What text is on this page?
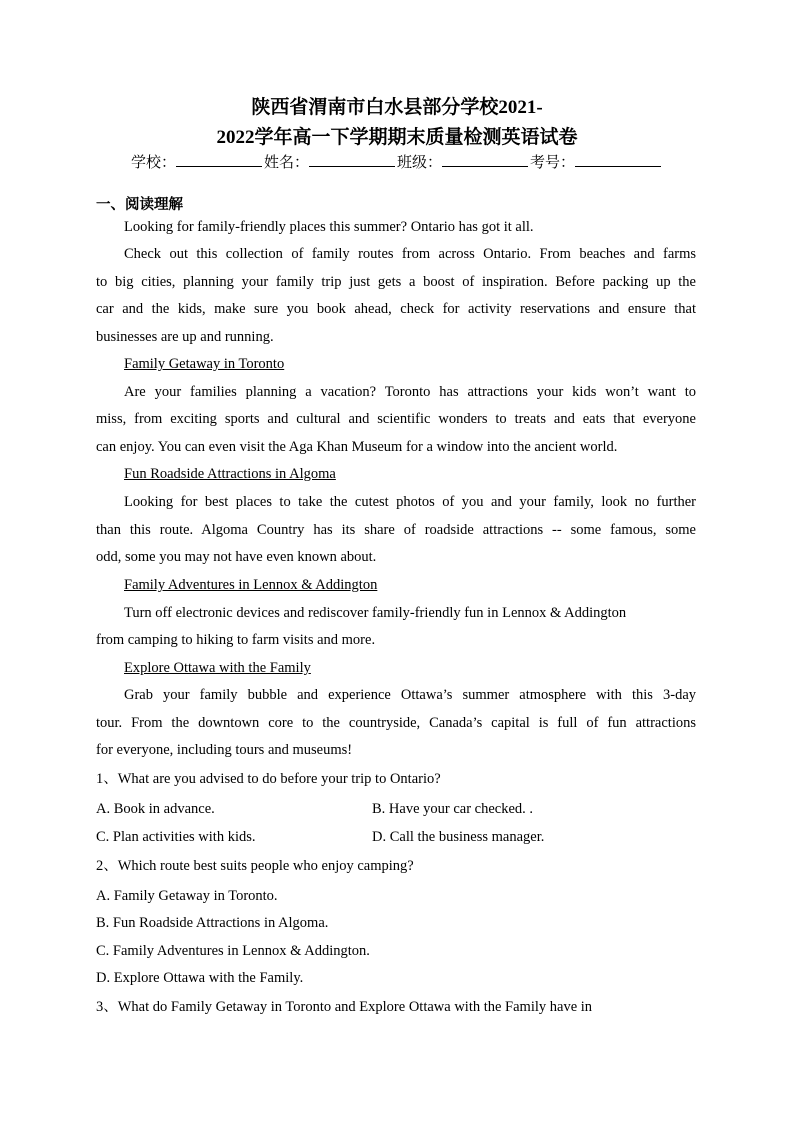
陕西省渭南市白水县部分学校2021-
2022学年高一下学期期末质量检测英语试卷
学校：	姓名：	班级：	考号：
一、阅读理解
Looking for family-friendly places this summer? Ontario has got it all.
Check out this collection of family routes from across Ontario. From beaches and farms
to big cities, planning your family trip just gets a boost of inspiration. Before packing up the
car and the kids, make sure you book ahead, check for activity reservations and ensure that
businesses are up and running.
Family Getaway in Toronto
Are your families planning a vacation? Toronto has attractions your kids won’t want to
miss, from exciting sports and cultural and scientific wonders to treats and eats that everyone
can enjoy. You can even visit the Aga Khan Museum for a window into the ancient world.
Fun Roadside Attractions in Algoma
Looking for best places to take the cutest photos of you and your family, look no further
than this route. Algoma Country has its share of roadside attractions -- some famous, some
odd, some you may not have even known about.
Family Adventures in Lennox & Addington
Turn off electronic devices and rediscover family-friendly fun in Lennox & Addington
from camping to hiking to farm visits and more.
Explore Ottawa with the Family
Grab your family bubble and experience Ottawa’s summer atmosphere with this 3-day
tour. From the downtown core to the countryside, Canada’s capital is full of fun attractions
for everyone, including tours and museums!
1、What are you advised to do before your trip to Ontario?
A. Book in advance.	B. Have your car checked. .
C. Plan activities with kids.	D. Call the business manager.
2、Which route best suits people who enjoy camping?
A. Family Getaway in Toronto.
B. Fun Roadside Attractions in Algoma.
C. Family Adventures in Lennox & Addington.
D. Explore Ottawa with the Family.
3、What do Family Getaway in Toronto and Explore Ottawa with the Family have in
